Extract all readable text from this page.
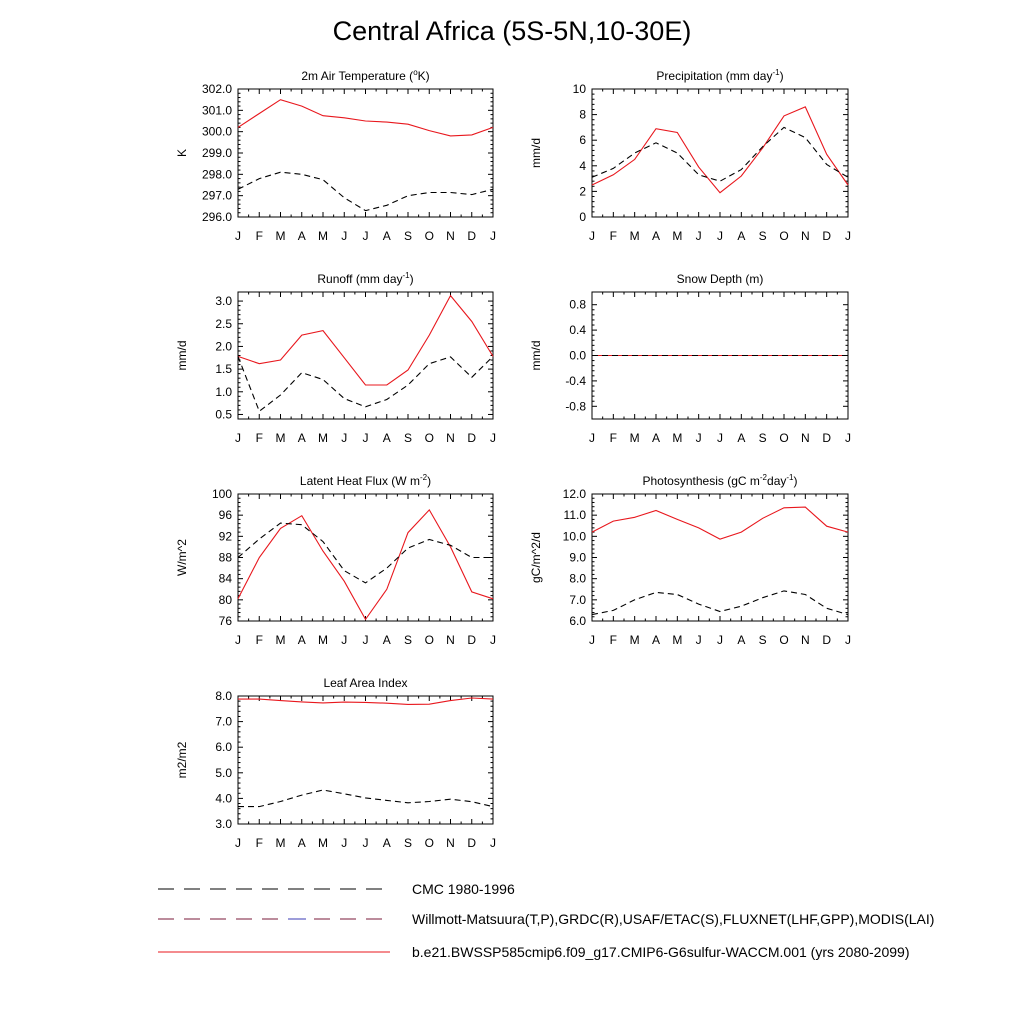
Central Africa (5S-5N,10-30E)
2m Air Temperature ($^o$K)
J F M A M J J A S O N D J
296.0
297.0
298.0
299.0
300.0
301.0
302.0
K
Precipitation (mm day$^{-1}$)
J F M A M J J A S O N D J
0
2
4
6
8
10
mm/d
Runoff (mm day$^{-1}$)
J F M A M J J A S O N D J
0.5
1.0
1.5
2.0
2.5
3.0
mm/d
Snow Depth (m)
J F M A M J J A S O N D J
-0.8
-0.4
0.0
0.4
0.8
mm/d
Latent Heat Flux (W $m^{-2}$)
J F M A M J J A S O N D J
76
80
84
88
92
96
100
W/m^2
Photosynthesis (gC $m^{-2}day^{-1}$)
J F M A M J J A S O N D J
6.0
7.0
8.0
9.0
10.0
11.0
12.0
gC/m^2/d
Leaf Area Index
J F M A M J J A S O N D J
3.0
4.0
5.0
6.0
7.0
8.0
m2/m2
CMC 1980-1996
Willmott-Matsuura(T,P),GRDC(R),USAF/ETAC(S),FLUXNET(LHF,GPP),MODIS(LAI)
b.e21.BWSSP585cmip6.f09_g17.CMIP6-G6sulfur-WACCM.001 (yrs 2080-2099)
